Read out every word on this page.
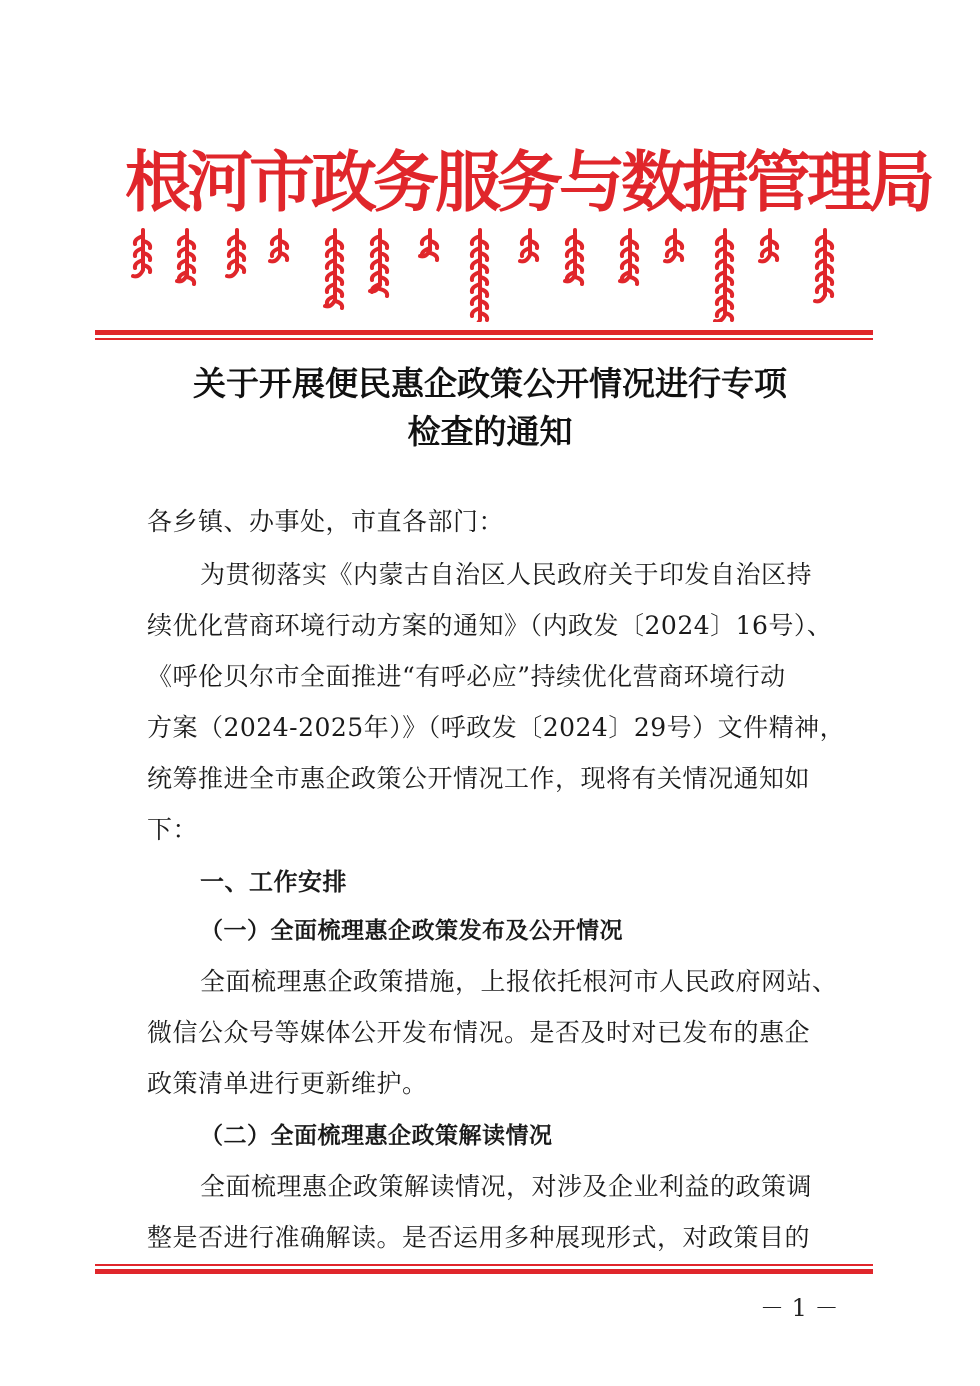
根河市政务服务与数据管理局
关于开展便民惠企政策公开情况进行专项
检查的通知
各乡镇、办事处，市直各部门：
为贯彻落实《内蒙古自治区人民政府关于印发自治区持
续优化营商环境行动方案的通知》（内政发〔2024〕16号）、
《呼伦贝尔市全面推进“有呼必应”持续优化营商环境行动
方案（2024-2025年）》（呼政发〔2024〕29号）文件精神，
统筹推进全市惠企政策公开情况工作，现将有关情况通知如
下：
一、工作安排
（一）全面梳理惠企政策发布及公开情况
全面梳理惠企政策措施，上报依托根河市人民政府网站、
微信公众号等媒体公开发布情况。是否及时对已发布的惠企
政策清单进行更新维护。
（二）全面梳理惠企政策解读情况
全面梳理惠企政策解读情况，对涉及企业利益的政策调
整是否进行准确解读。是否运用多种展现形式，对政策目的
－ 1 －
